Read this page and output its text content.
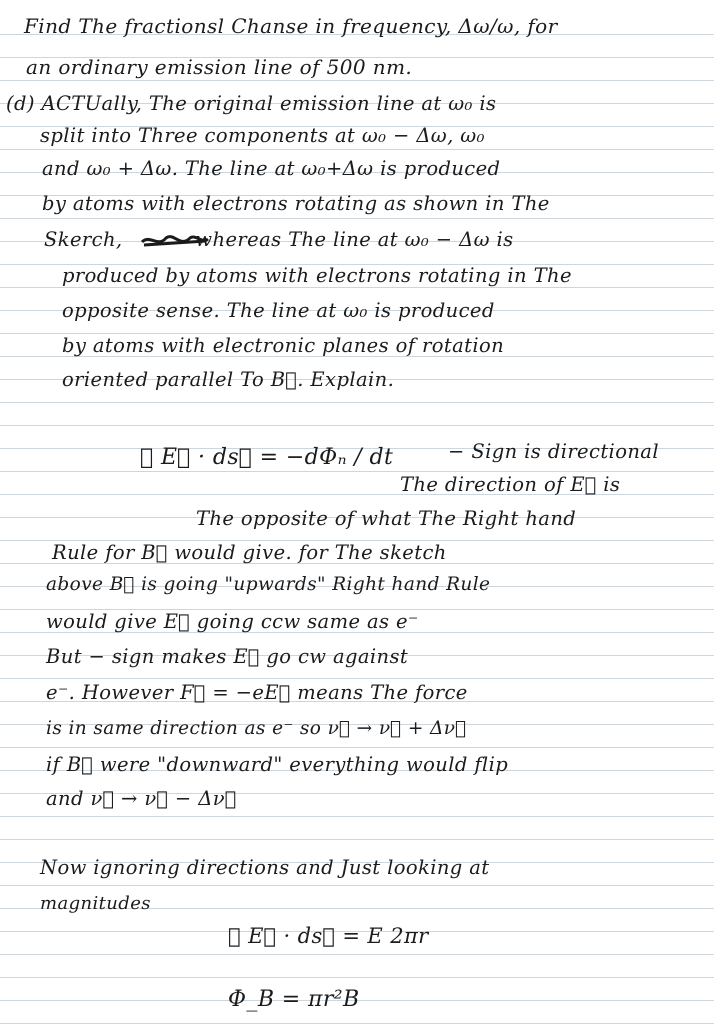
Find The fractionsl Chanse in frequency, Δω/ω, for
an ordinary emission line of 500 nm.
(d) ACTUally, The original emission line at ω₀ is
split into Three components at ω₀ − Δω, ω₀
and ω₀ + Δω. The line at ω₀+Δω is produced
by atoms with electrons rotating as shown in The
Skerch,     whereas The line at ω₀ − Δω is
produced by atoms with electrons rotating in The
opposite sense. The line at ω₀ is produced
by atoms with electronic planes of rotation
oriented parallel To B⃗. Explain.
∮ E⃗ · ds⃗ = −dΦₙ / dt	− Sign is directional
The direction of E⃗ is
The opposite of what The Right hand
Rule for B⃗ would give. for The sketch
above B⃗ is going "upwards" Right hand Rule
would give E⃗ going ccw same as e⁻
But − sign makes E⃗ go cw against
e⁻. However F⃗ = −eE⃗ means The force
is in same direction as e⁻ so ν⃗ → ν⃗ + Δν⃗
if B⃗ were "downward" everything would flip
and ν⃗ → ν⃗ − Δν⃗
Now ignoring directions and Just looking at
magnitudes
∮ E⃗ · ds⃗ = E 2πr
Φ_B = πr²B
